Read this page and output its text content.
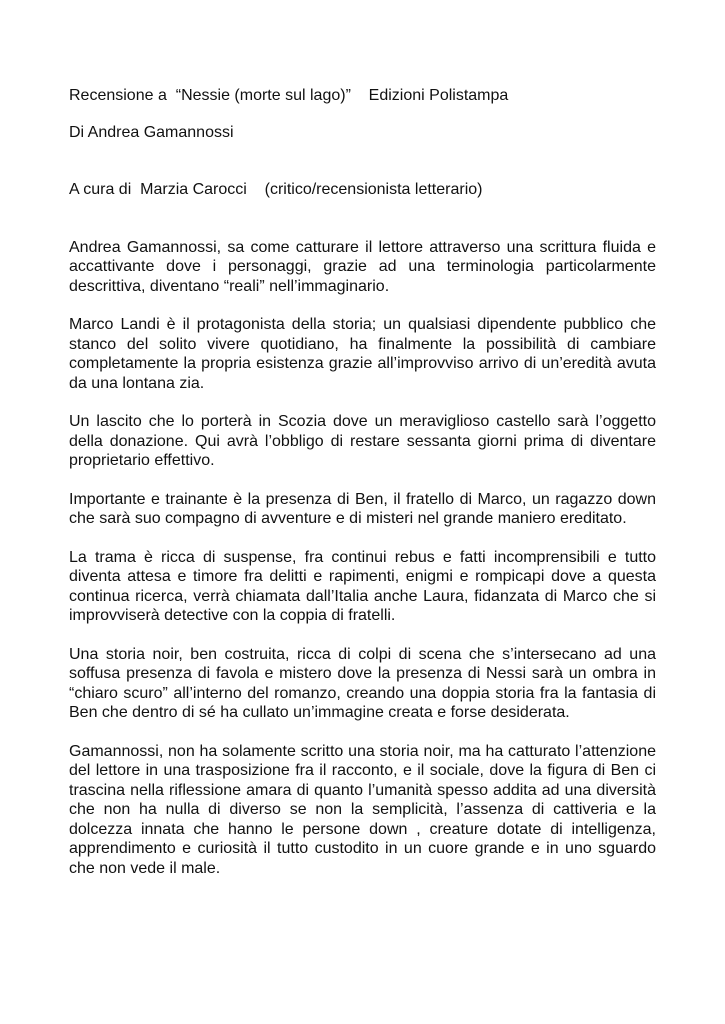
Recensione a  “Nessie (morte sul lago)”    Edizioni Polistampa

Di Andrea Gamannossi

A cura di  Marzia Carocci    (critico/recensionista letterario)

Andrea Gamannossi, sa come catturare il lettore attraverso una scrittura fluida e accattivante dove i personaggi, grazie ad una terminologia particolarmente descrittiva, diventano “reali” nell’immaginario.

Marco Landi è il protagonista della storia; un qualsiasi dipendente pubblico che stanco del solito vivere quotidiano, ha finalmente la possibilità di cambiare completamente la propria esistenza grazie all’improvviso arrivo di un’eredità avuta da una lontana zia.

Un lascito che lo porterà in Scozia dove un meraviglioso castello sarà l’oggetto della donazione. Qui avrà l’obbligo di restare sessanta giorni prima di diventare proprietario effettivo.

Importante e trainante è la presenza di Ben, il fratello di Marco, un ragazzo down che sarà suo compagno di avventure e di misteri nel grande maniero ereditato.

La trama è ricca di suspense, fra continui rebus e fatti incomprensibili e tutto diventa attesa e timore fra delitti e rapimenti, enigmi e rompicapi dove a questa continua ricerca, verrà chiamata dall’Italia anche Laura, fidanzata di Marco che si improvviserà detective con la coppia di fratelli.

Una storia noir, ben costruita, ricca di colpi di scena che s’intersecano ad una soffusa presenza di favola e mistero dove la presenza di Nessi sarà un ombra in “chiaro scuro” all’interno del romanzo, creando una doppia storia fra la fantasia di Ben che dentro di sé ha cullato un’immagine creata e forse desiderata.

Gamannossi, non ha solamente scritto una storia noir, ma ha catturato l’attenzione del lettore in una trasposizione fra il racconto, e il sociale, dove la figura di Ben ci trascina nella riflessione amara di quanto l’umanità spesso addita ad una diversità che non ha nulla di diverso se non la semplicità, l’assenza di cattiveria e la dolcezza innata che hanno le persone down , creature dotate di intelligenza, apprendimento e curiosità il tutto custodito in un cuore grande e in uno sguardo che non vede il male.
